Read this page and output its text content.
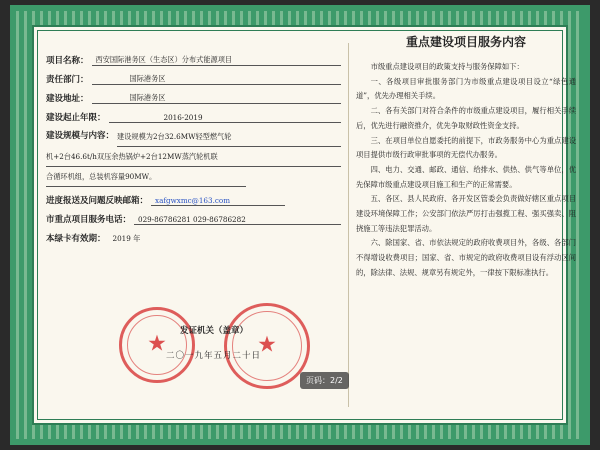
项目名称： 西安国际港务区（生态区）分布式能源项目
责任部门：	国际港务区
建设地址：	国际港务区
建设起止年限：	2016-2019
建设规模与内容： 建设规模为2台32.6MW轻型燃气轮
机+2台46.6t/h双压余热锅炉+2台12MW蒸汽轮机联
合循环机组，总装机容量90MW。
进度报送及问题反映邮箱： xafgwxmc@163.com
市重点项目服务电话： 029-86786281 029-86786282
本绿卡有效期： 2019 年
★	★
发证机关（盖章）
二〇一九年五月二十日
重点建设项目服务内容

市级重点建设项目的政策支持与服务保障如下：

一、各级项目审批服务部门为市级重点建设项目设立“绿色通道”，优先办理相关手续。

二、各有关部门对符合条件的市级重点建设项目，履行相关手续后，优先进行融资推介，优先争取财政性资金支持。

三、在项目单位自愿委托的前提下，市政务服务中心为重点建设项目提供市级行政审批事项的无偿代办服务。

四、电力、交通、邮政、通信、给排水、供热、供气等单位，优先保障市级重点建设项目施工和生产的正常需要。

五、各区、县人民政府、各开发区管委会负责做好辖区重点项目建设环境保障工作；公安部门依法严厉打击强揽工程、强买强卖、阻挠施工等违法犯罪活动。

六、除国家、省、市依法规定的政府收费项目外，各级、各部门不得增设收费项目；国家、省、市规定的政府收费项目设有浮动区间的，除法律、法规、规章另有规定外，一律按下限标准执行。

页码：2/2
